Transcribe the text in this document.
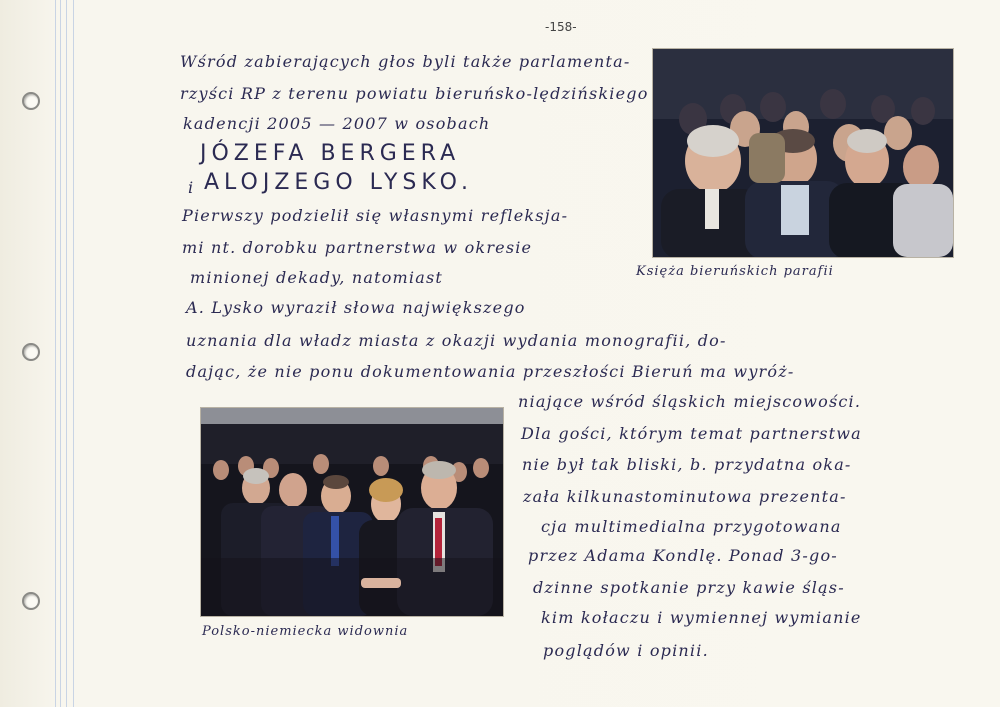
-158-
Wśród zabierających głos byli także parlamenta-
rzyści RP z terenu powiatu bieruńsko-lędzińskiego
kadencji 2005 — 2007 w osobach
JÓZEFA BERGERA
i ALOJZEGO LYSKO.
Pierwszy podzielił się własnymi refleksja-
mi nt. dorobku partnerstwa w okresie
minionej dekady, natomiast
A. Lysko wyraził słowa największego
uznania dla władz miasta z okazji wydania monografii, do-
dając, że nie ponu dokumentowania przeszłości Bieruń ma wyróż-
niające wśród śląskich miejscowości.
Dla gości, którym temat partnerstwa
nie był tak bliski, b. przydatna oka-
zała kilkunastominutowa prezenta-
cja multimedialna przygotowana
przez Adama Kondlę. Ponad 3-go-
dzinne spotkanie przy kawie śląs-
kim kołaczu i wymiennej wymianie
poglądów i opinii.
Księża bieruńskich parafii
Polsko-niemiecka widownia
